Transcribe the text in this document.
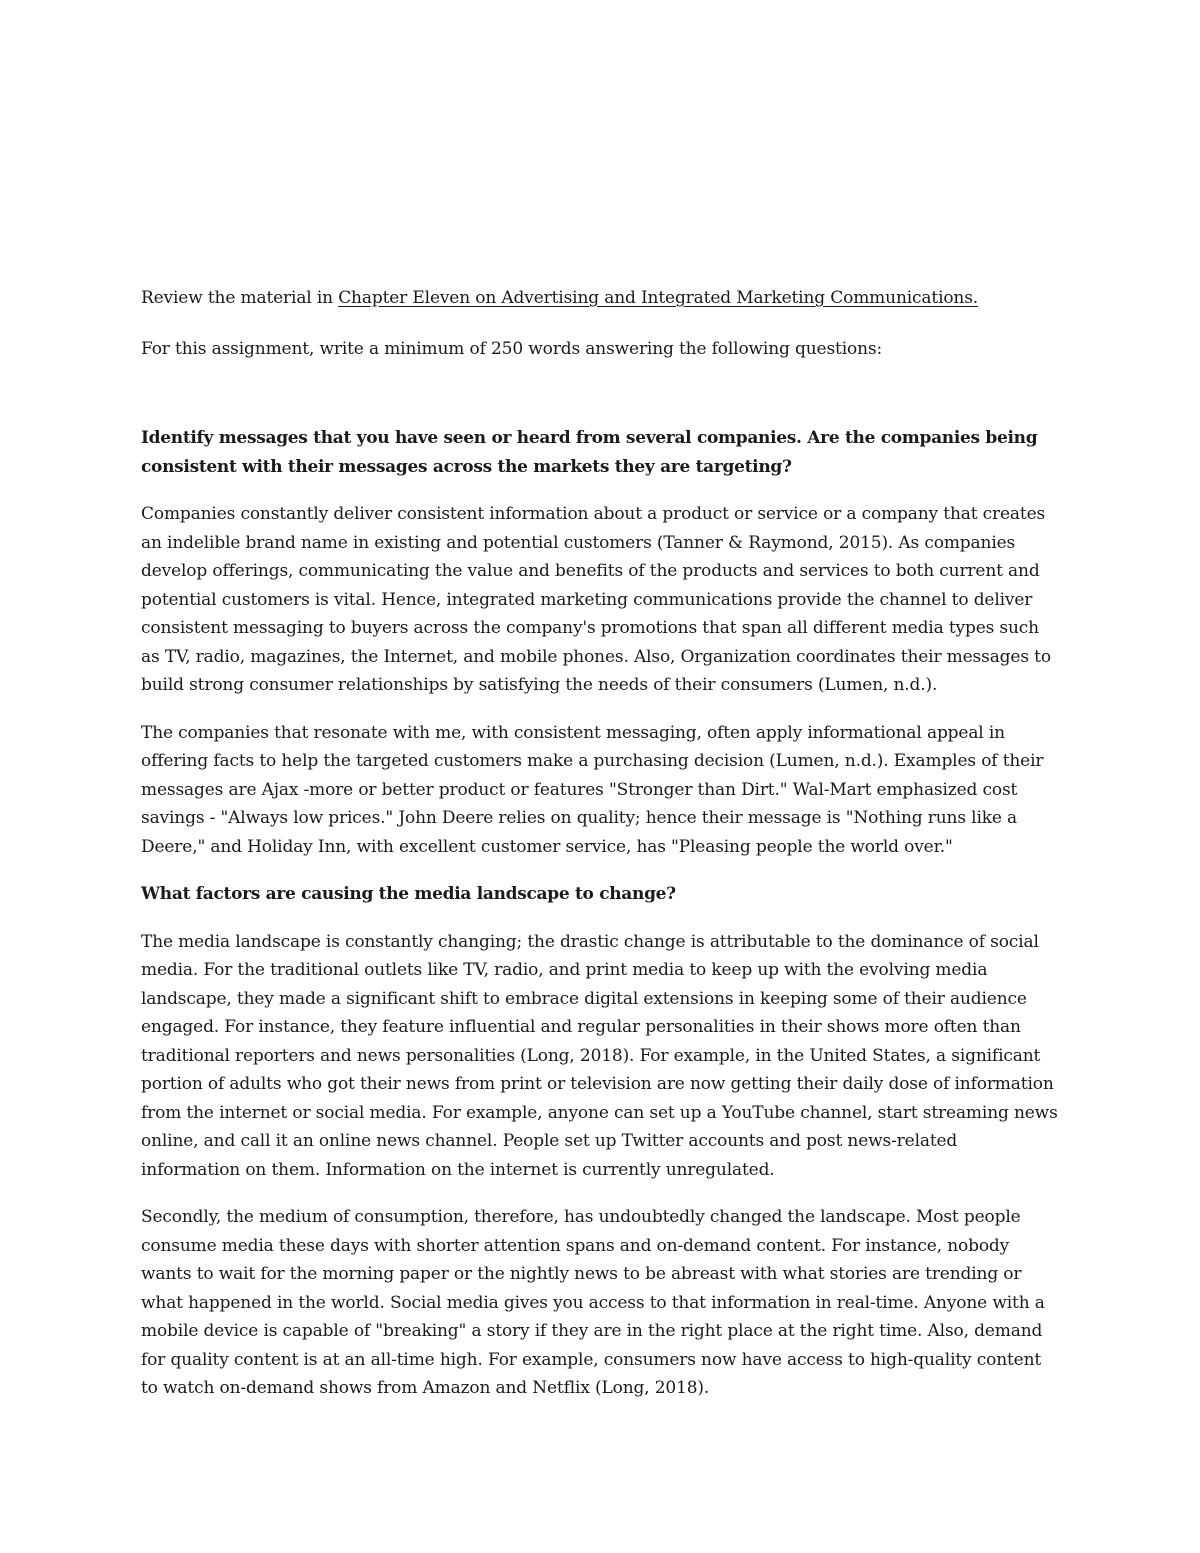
Review the material in Chapter Eleven on Advertising and Integrated Marketing Communications.

For this assignment, write a minimum of 250 words answering the following questions:

Identify messages that you have seen or heard from several companies. Are the companies being consistent with their messages across the markets they are targeting?

Companies constantly deliver consistent information about a product or service or a company that creates an indelible brand name in existing and potential customers (Tanner & Raymond, 2015). As companies develop offerings, communicating the value and benefits of the products and services to both current and potential customers is vital. Hence, integrated marketing communications provide the channel to deliver consistent messaging to buyers across the company's promotions that span all different media types such as TV, radio, magazines, the Internet, and mobile phones. Also, Organization coordinates their messages to build strong consumer relationships by satisfying the needs of their consumers (Lumen, n.d.).

The companies that resonate with me, with consistent messaging, often apply informational appeal in offering facts to help the targeted customers make a purchasing decision (Lumen, n.d.). Examples of their messages are Ajax -more or better product or features "Stronger than Dirt." Wal-Mart emphasized cost savings - "Always low prices." John Deere relies on quality; hence their message is "Nothing runs like a Deere," and Holiday Inn, with excellent customer service, has "Pleasing people the world over."

What factors are causing the media landscape to change?

The media landscape is constantly changing; the drastic change is attributable to the dominance of social media. For the traditional outlets like TV, radio, and print media to keep up with the evolving media landscape, they made a significant shift to embrace digital extensions in keeping some of their audience engaged. For instance, they feature influential and regular personalities in their shows more often than traditional reporters and news personalities (Long, 2018). For example, in the United States, a significant portion of adults who got their news from print or television are now getting their daily dose of information from the internet or social media. For example, anyone can set up a YouTube channel, start streaming news online, and call it an online news channel. People set up Twitter accounts and post news-related information on them. Information on the internet is currently unregulated.

Secondly, the medium of consumption, therefore, has undoubtedly changed the landscape. Most people consume media these days with shorter attention spans and on-demand content. For instance, nobody wants to wait for the morning paper or the nightly news to be abreast with what stories are trending or what happened in the world. Social media gives you access to that information in real-time. Anyone with a mobile device is capable of "breaking" a story if they are in the right place at the right time. Also, demand for quality content is at an all-time high. For example, consumers now have access to high-quality content to watch on-demand shows from Amazon and Netflix (Long, 2018).
